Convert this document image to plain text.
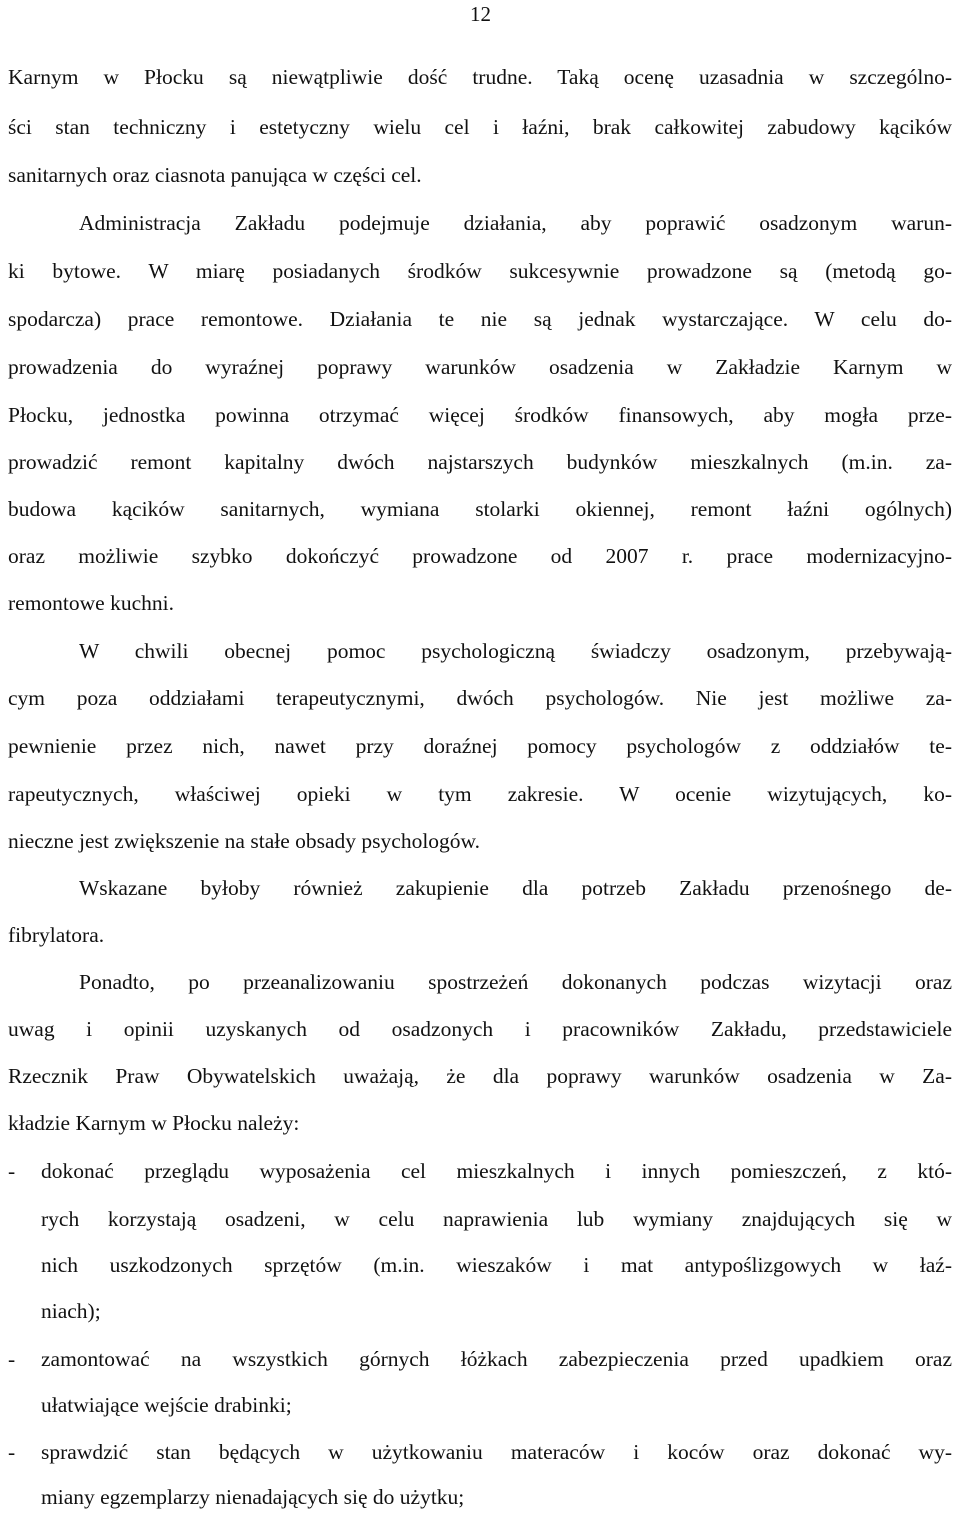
12
Karnym w Płocku są niewątpliwie dość trudne. Taką ocenę uzasadnia w szczególno-
ści stan techniczny i estetyczny wielu cel i łaźni, brak całkowitej zabudowy kącików
sanitarnych oraz ciasnota panująca w części cel.
Administracja Zakładu podejmuje działania, aby poprawić osadzonym warun-
ki bytowe. W miarę posiadanych środków sukcesywnie prowadzone są (metodą go-
spodarcza) prace remontowe. Działania te nie są jednak wystarczające. W celu do-
prowadzenia do wyraźnej poprawy warunków osadzenia w Zakładzie Karnym w
Płocku, jednostka powinna otrzymać więcej środków finansowych, aby mogła prze-
prowadzić remont kapitalny dwóch najstarszych budynków mieszkalnych (m.in. za-
budowa kącików sanitarnych, wymiana stolarki okiennej, remont łaźni ogólnych)
oraz możliwie szybko dokończyć prowadzone od 2007 r. prace modernizacyjno-
remontowe kuchni.
W chwili obecnej pomoc psychologiczną świadczy osadzonym, przebywają-
cym poza oddziałami terapeutycznymi, dwóch psychologów. Nie jest możliwe za-
pewnienie przez nich, nawet przy doraźnej pomocy psychologów z oddziałów te-
rapeutycznych, właściwej opieki w tym zakresie. W ocenie wizytujących, ko-
nieczne jest zwiększenie na stałe obsady psychologów.
Wskazane byłoby również zakupienie dla potrzeb Zakładu przenośnego de-
fibrylatora.
Ponadto, po przeanalizowaniu spostrzeżeń dokonanych podczas wizytacji oraz
uwag i opinii uzyskanych od osadzonych i pracowników Zakładu, przedstawiciele
Rzecznik Praw Obywatelskich uważają, że dla poprawy warunków osadzenia w Za-
kładzie Karnym w Płocku należy:
- dokonać przeglądu wyposażenia cel mieszkalnych i innych pomieszczeń, z któ-
rych korzystają osadzeni, w celu naprawienia lub wymiany znajdujących się w
nich uszkodzonych sprzętów (m.in. wieszaków i mat antypoślizgowych w łaź-
niach);
- zamontować na wszystkich górnych łóżkach zabezpieczenia przed upadkiem oraz
ułatwiające wejście drabinki;
- sprawdzić stan będących w użytkowaniu materaców i koców oraz dokonać wy-
miany egzemplarzy nienadających się do użytku;
